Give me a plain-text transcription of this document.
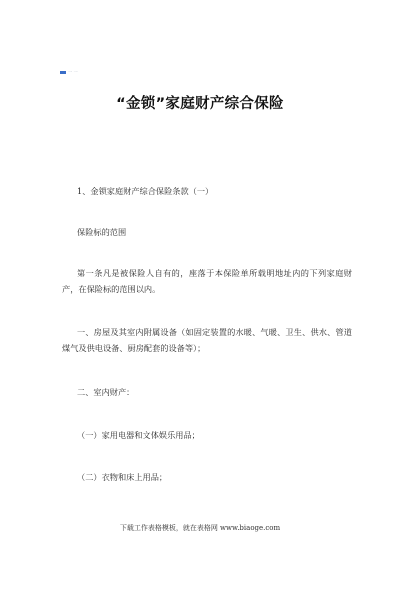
一 一
“金锁”家庭财产综合保险

1、金锁家庭财产综合保险条款（一）

保险标的范围

第一条凡是被保险人自有的，座落于本保险单所载明地址内的下列家庭财产，在保险标的范围以内。

一、房屋及其室内附属设备（如固定装置的水暖、气暖、卫生、供水、管道煤气及供电设备、厨房配套的设备等）；

二、室内财产：

（一）家用电器和文体娱乐用品；

（二）衣物和床上用品；

下载工作表格模板，就在表格网 www.biaoge.com
